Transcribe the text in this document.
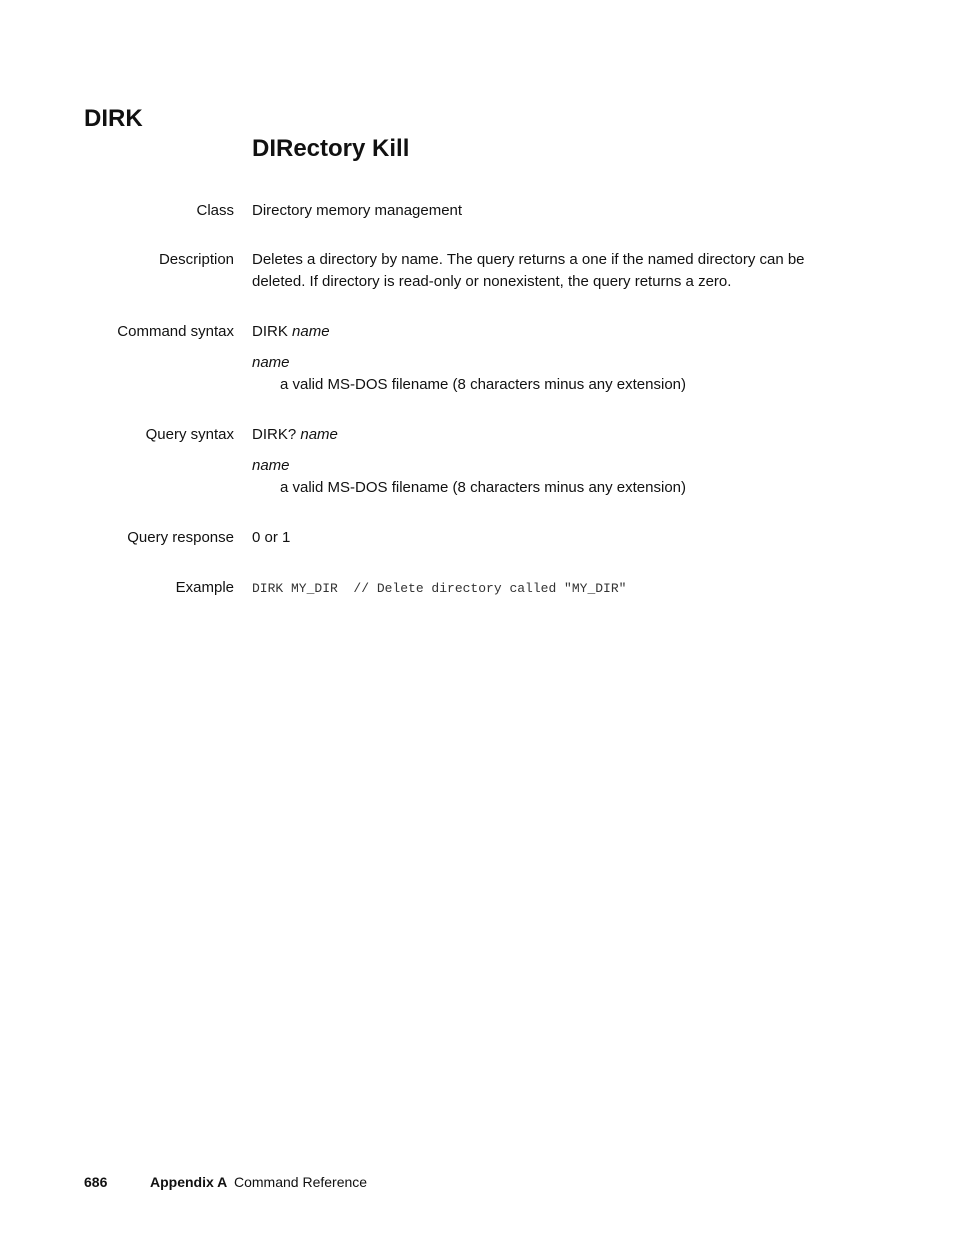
DIRK
DIRectory Kill
Class Directory memory management
Description Deletes a directory by name. The query returns a one if the named directory can be deleted. If directory is read-only or nonexistent, the query returns a zero.
Command syntax DIRK name
name
a valid MS-DOS filename (8 characters minus any extension)
Query syntax DIRK? name
name
a valid MS-DOS filename (8 characters minus any extension)
Query response 0 or 1
Example DIRK MY_DIR  // Delete directory called "MY_DIR"
686	Appendix A Command Reference
